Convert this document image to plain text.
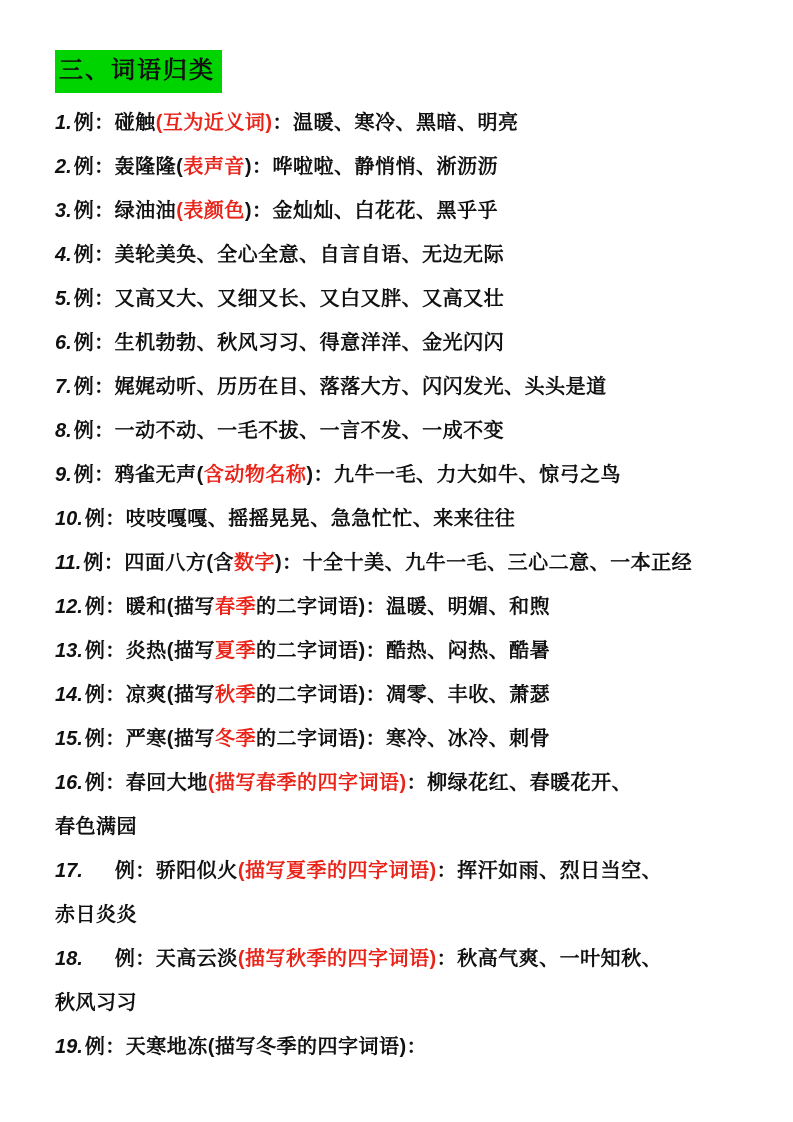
三、词语归类

1. 例：碰触(互为近义词)：温暖、寒冷、黑暗、明亮

2. 例：轰隆隆(表声音)：哗啦啦、静悄悄、淅沥沥

3. 例：绿油油(表颜色)：金灿灿、白花花、黑乎乎

4. 例：美轮美奂、全心全意、自言自语、无边无际

5. 例：又高又大、又细又长、又白又胖、又高又壮

6. 例：生机勃勃、秋风习习、得意洋洋、金光闪闪

7. 例：娓娓动听、历历在目、落落大方、闪闪发光、头头是道

8. 例：一动不动、一毛不拔、一言不发、一成不变

9. 例：鸦雀无声(含动物名称)：九牛一毛、力大如牛、惊弓之鸟

10. 例：吱吱嘎嘎、摇摇晃晃、急急忙忙、来来往往

11. 例：四面八方(含数字)：十全十美、九牛一毛、三心二意、一本正经

12. 例：暖和(描写春季的二字词语)：温暖、明媚、和煦

13. 例：炎热(描写夏季的二字词语)：酷热、闷热、酷暑

14. 例：凉爽(描写秋季的二字词语)：凋零、丰收、萧瑟

15. 例：严寒(描写冬季的二字词语)：寒冷、冰冷、刺骨

16. 例：春回大地(描写春季的四字词语)：柳绿花红、春暖花开、
春色满园

17. 例：骄阳似火(描写夏季的四字词语)：挥汗如雨、烈日当空、
赤日炎炎

18. 例：天高云淡(描写秋季的四字词语)：秋高气爽、一叶知秋、
秋风习习

19. 例：天寒地冻(描写冬季的四字词语)：
